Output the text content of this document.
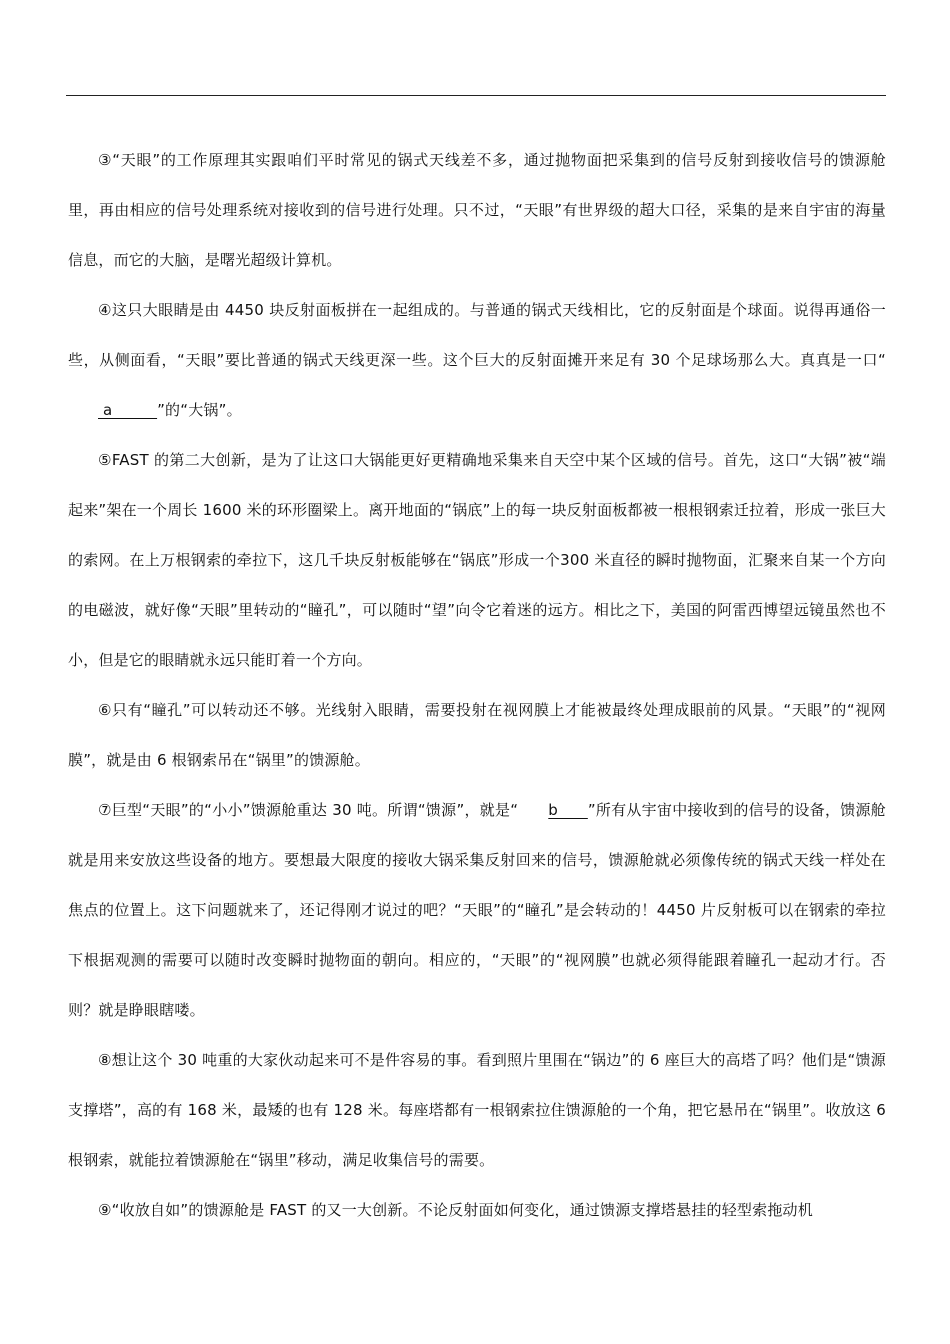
③“天眼”的工作原理其实跟咱们平时常见的锅式天线差不多，通过抛物面把采集到的信号反射到接收信号的馈源舱里，再由相应的信号处理系统对接收到的信号进行处理。只不过，“天眼”有世界级的超大口径，采集的是来自宇宙的海量信息，而它的大脑，是曙光超级计算机。

④这只大眼睛是由 4450 块反射面板拼在一起组成的。与普通的锅式天线相比，它的反射面是个球面。说得再通俗一些，从侧面看，“天眼”要比普通的锅式天线更深一些。这个巨大的反射面摊开来足有 30 个足球场那么大。真真是一口“ a         ”的“大锅”。

⑤FAST 的第二大创新，是为了让这口大锅能更好更精确地采集来自天空中某个区域的信号。首先，这口“大锅”被“端起来”架在一个周长 1600 米的环形圈梁上。离开地面的“锅底”上的每一块反射面板都被一根根钢索迁拉着，形成一张巨大的索网。在上万根钢索的牵拉下，这几千块反射板能够在“锅底”形成一个300 米直径的瞬时抛物面，汇聚来自某一个方向的电磁波，就好像“天眼”里转动的“瞳孔”，可以随时“望”向令它着迷的远方。相比之下，美国的阿雷西博望远镜虽然也不小，但是它的眼睛就永远只能盯着一个方向。

⑥只有“瞳孔”可以转动还不够。光线射入眼睛，需要投射在视网膜上才能被最终处理成眼前的风景。“天眼”的“视网膜”，就是由 6 根钢索吊在“锅里”的馈源舱。

⑦巨型“天眼”的“小小”馈源舱重达 30 吨。所谓“馈源”，就是“ b      ”所有从宇宙中接收到的信号的设备，馈源舱就是用来安放这些设备的地方。要想最大限度的接收大锅采集反射回来的信号，馈源舱就必须像传统的锅式天线一样处在焦点的位置上。这下问题就来了，还记得刚才说过的吧？“天眼”的“瞳孔”是会转动的！4450 片反射板可以在钢索的牵拉下根据观测的需要可以随时改变瞬时抛物面的朝向。相应的，“天眼”的“视网膜”也就必须得能跟着瞳孔一起动才行。否则？就是睁眼瞎喽。

⑧想让这个 30 吨重的大家伙动起来可不是件容易的事。看到照片里围在“锅边”的 6 座巨大的高塔了吗？他们是“馈源支撑塔”，高的有 168 米，最矮的也有 128 米。每座塔都有一根钢索拉住馈源舱的一个角，把它悬吊在“锅里”。收放这 6 根钢索，就能拉着馈源舱在“锅里”移动，满足收集信号的需要。

⑨“收放自如”的馈源舱是 FAST 的又一大创新。不论反射面如何变化，通过馈源支撑塔悬挂的轻型索拖动机
